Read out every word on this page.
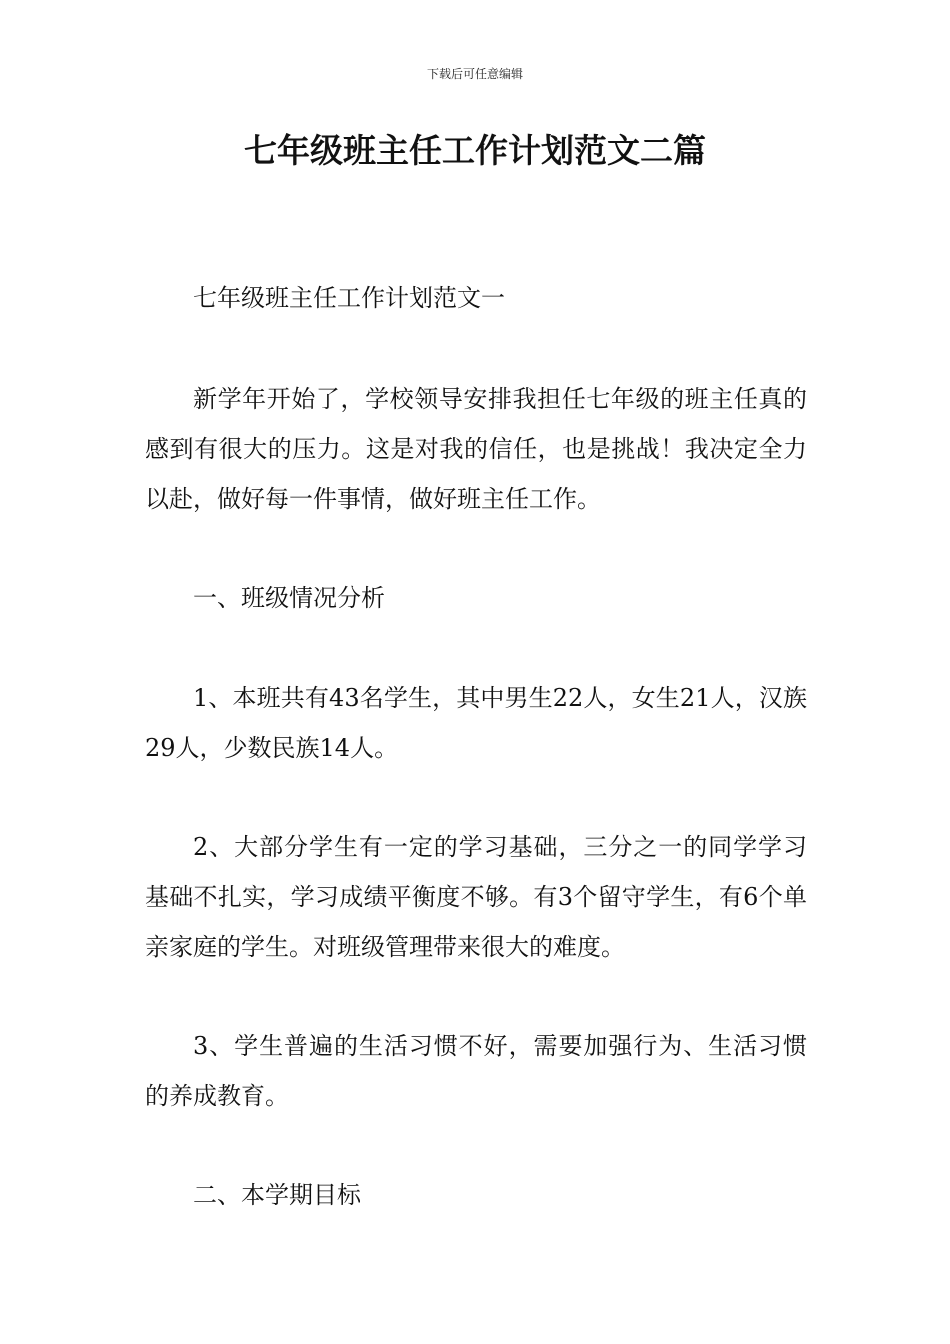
下载后可任意编辑
七年级班主任工作计划范文二篇

七年级班主任工作计划范文一

新学年开始了，学校领导安排我担任七年级的班主任真的感到有很大的压力。这是对我的信任，也是挑战！我决定全力以赴，做好每一件事情，做好班主任工作。

一、班级情况分析

1、本班共有43名学生，其中男生22人，女生21人，汉族29人，少数民族14人。

2、大部分学生有一定的学习基础，三分之一的同学学习基础不扎实，学习成绩平衡度不够。有3个留守学生，有6个单亲家庭的学生。对班级管理带来很大的难度。

3、学生普遍的生活习惯不好，需要加强行为、生活习惯的养成教育。

二、本学期目标
